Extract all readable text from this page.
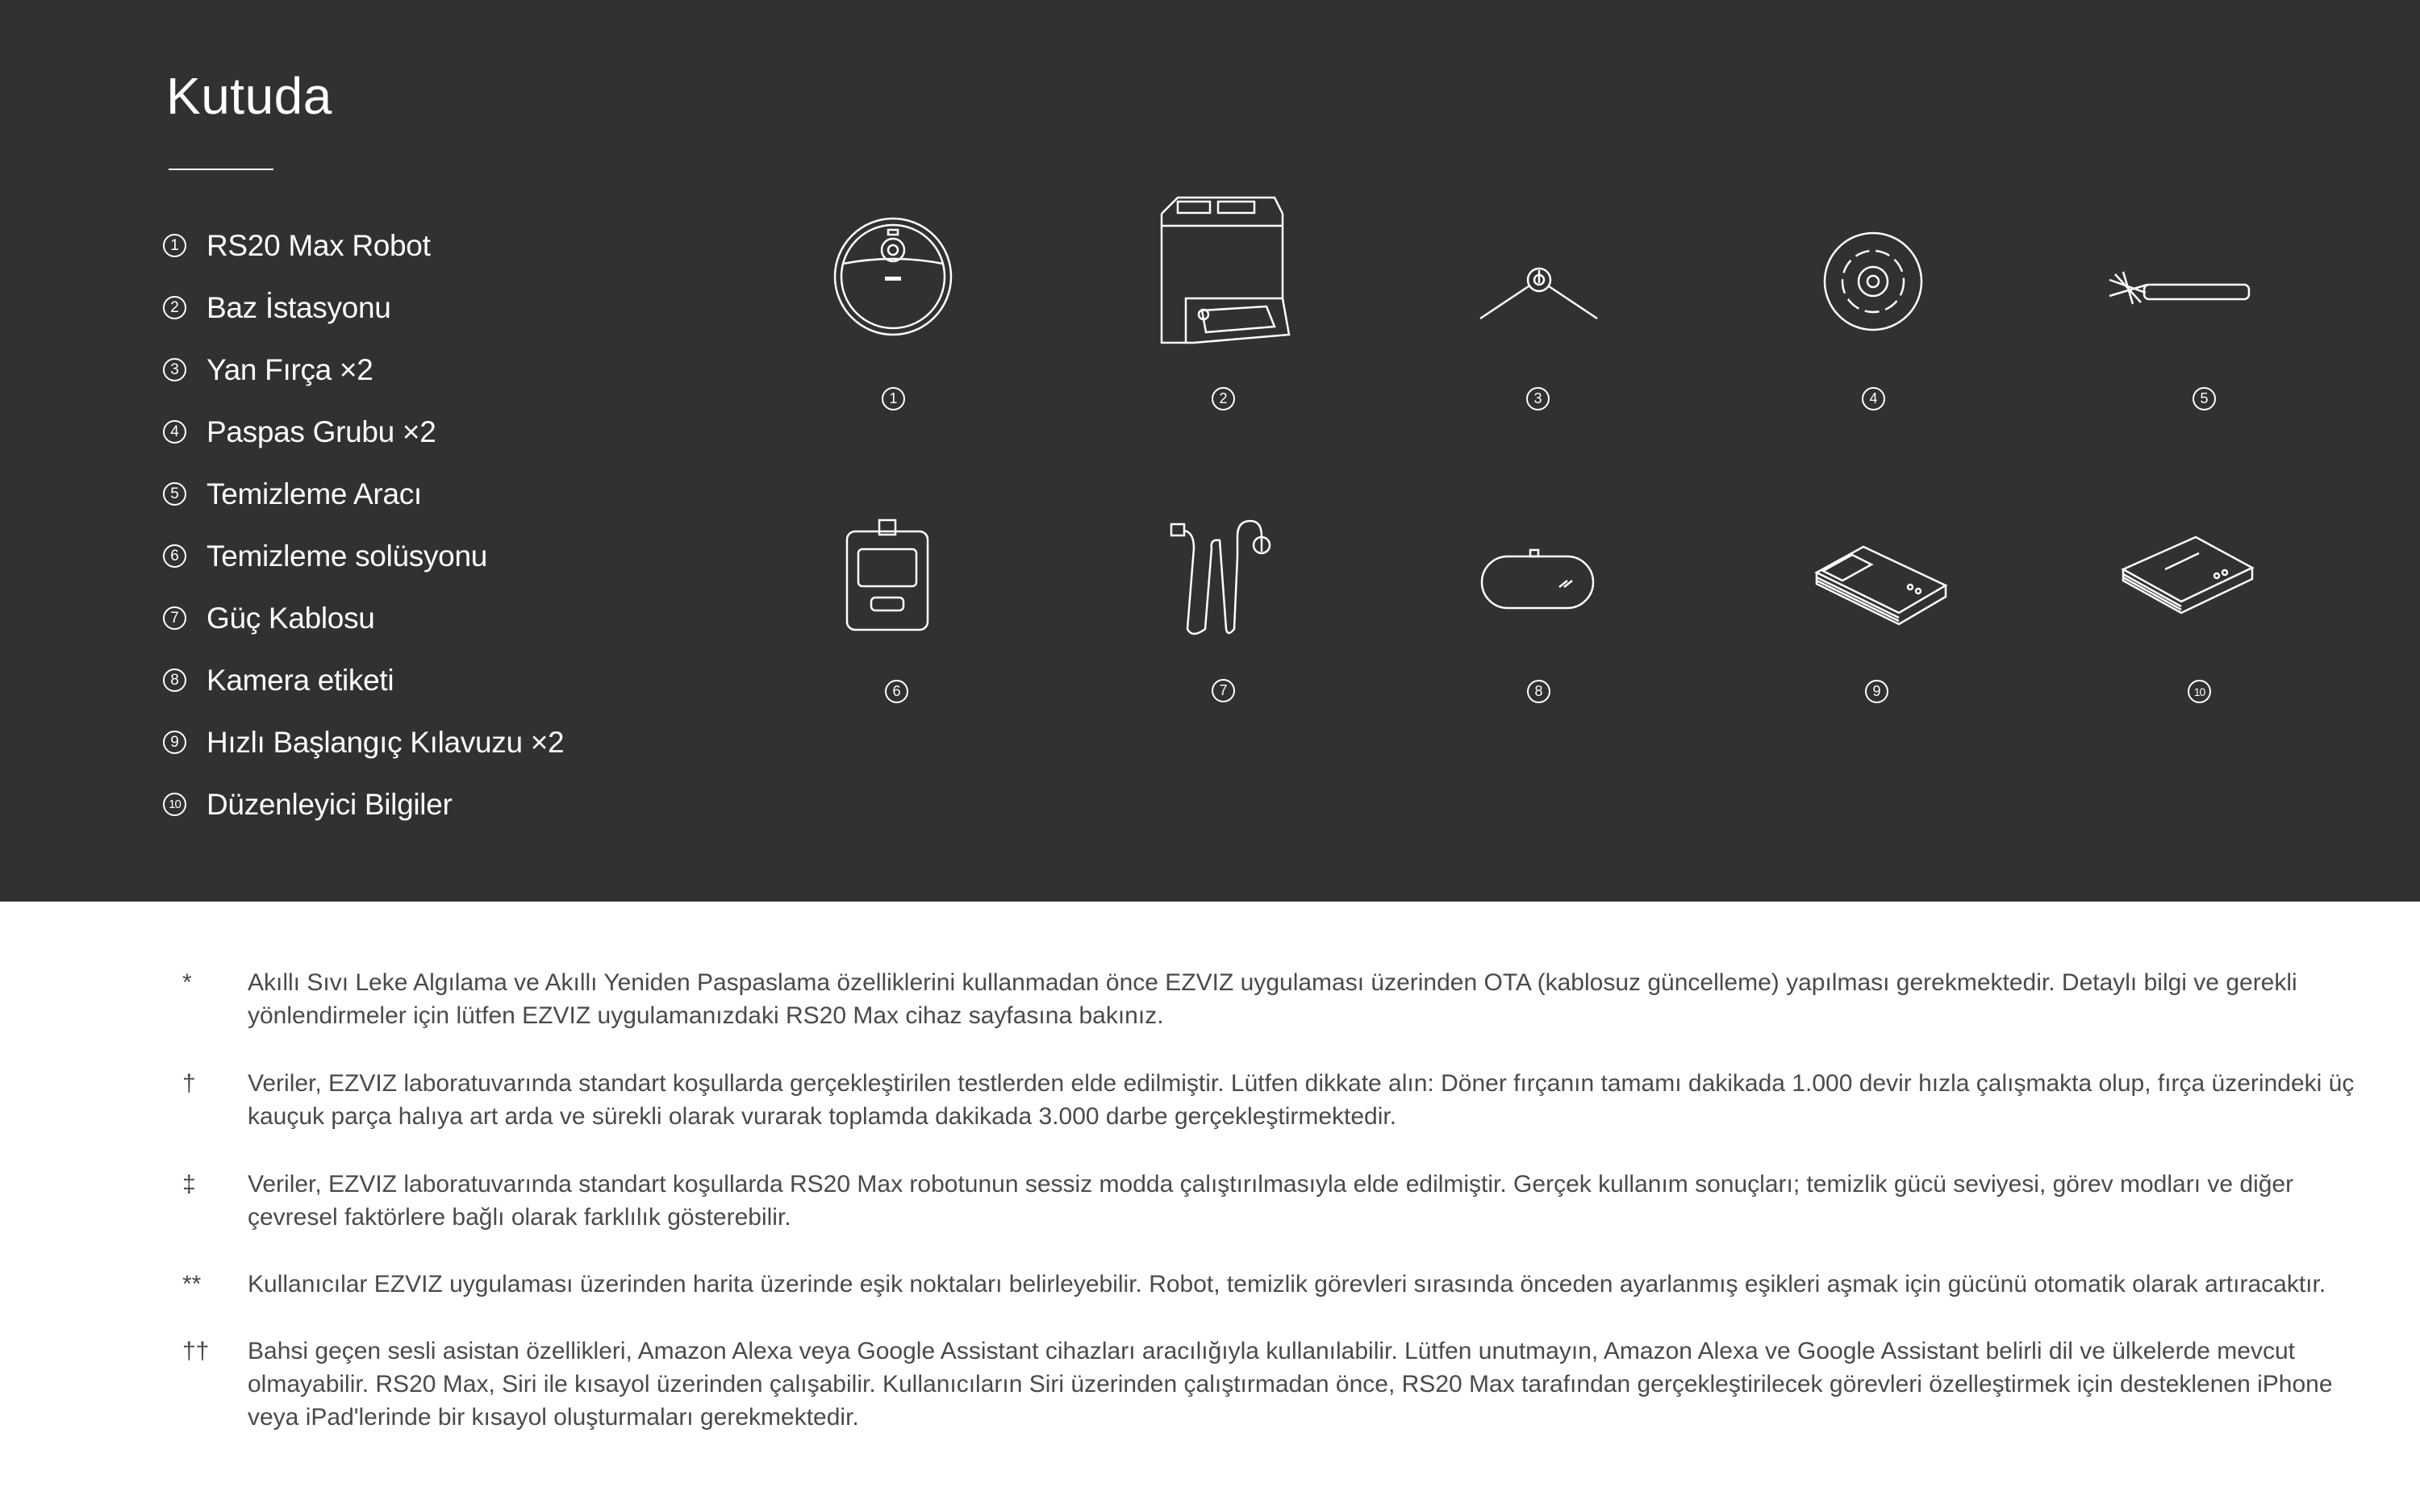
Kutuda
1 RS20 Max Robot
2 Baz İstasyonu
3 Yan Fırça ×2
4 Paspas Grubu ×2
5 Temizleme Aracı
6 Temizleme solüsyonu
7 Güç Kablosu
8 Kamera etiketi
9 Hızlı Başlangıç Kılavuzu ×2
10 Düzenleyici Bilgiler
1	2	3	4	5
6	7	8	9	10
*	Akıllı Sıvı Leke Algılama ve Akıllı Yeniden Paspaslama özelliklerini kullanmadan önce EZVIZ uygulaması üzerinden OTA (kablosuz güncelleme) yapılması gerekmektedir. Detaylı bilgi ve gerekli yönlendirmeler için lütfen EZVIZ uygulamanızdaki RS20 Max cihaz sayfasına bakınız.
†	Veriler, EZVIZ laboratuvarında standart koşullarda gerçekleştirilen testlerden elde edilmiştir. Lütfen dikkate alın: Döner fırçanın tamamı dakikada 1.000 devir hızla çalışmakta olup, fırça üzerindeki üç kauçuk parça halıya art arda ve sürekli olarak vurarak toplamda dakikada 3.000 darbe gerçekleştirmektedir.
‡	Veriler, EZVIZ laboratuvarında standart koşullarda RS20 Max robotunun sessiz modda çalıştırılmasıyla elde edilmiştir. Gerçek kullanım sonuçları; temizlik gücü seviyesi, görev modları ve diğer çevresel faktörlere bağlı olarak farklılık gösterebilir.
**	Kullanıcılar EZVIZ uygulaması üzerinden harita üzerinde eşik noktaları belirleyebilir. Robot, temizlik görevleri sırasında önceden ayarlanmış eşikleri aşmak için gücünü otomatik olarak artıracaktır.
††	Bahsi geçen sesli asistan özellikleri, Amazon Alexa veya Google Assistant cihazları aracılığıyla kullanılabilir. Lütfen unutmayın, Amazon Alexa ve Google Assistant belirli dil ve ülkelerde mevcut olmayabilir. RS20 Max, Siri ile kısayol üzerinden çalışabilir. Kullanıcıların Siri üzerinden çalıştırmadan önce, RS20 Max tarafından gerçekleştirilecek görevleri özelleştirmek için desteklenen iPhone veya iPad'lerinde bir kısayol oluşturmaları gerekmektedir.
